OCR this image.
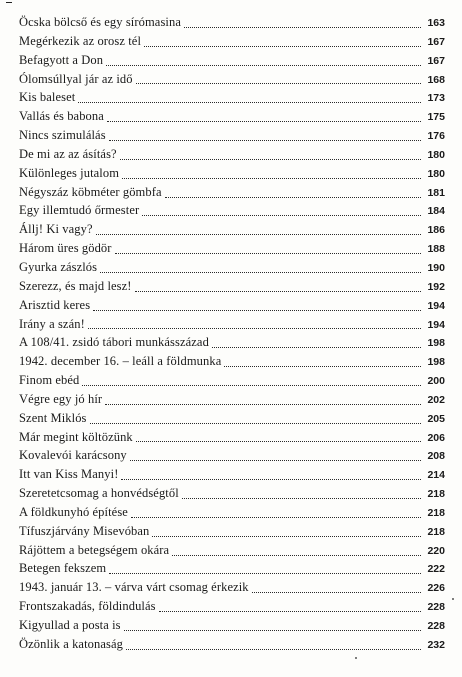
Öcska bölcső és egy sírómasina	163
Megérkezik az orosz tél	167
Befagyott a Don	167
Ólomsúllyal jár az idő	168
Kis baleset	173
Vallás és babona	175
Nincs szimulálás	176
De mi az az ásítás?	180
Különleges jutalom	180
Négyszáz köbméter gömbfa	181
Egy illemtudó őrmester	184
Állj! Ki vagy?	186
Három üres gödör	188
Gyurka zászlós	190
Szerezz, és majd lesz!	192
Arisztid keres	194
Irány a szán!	194
A 108/41. zsidó tábori munkásszázad	198
1942. december 16. – leáll a földmunka	198
Finom ebéd	200
Végre egy jó hír	202
Szent Miklós	205
Már megint költözünk	206
Kovalevói karácsony	208
Itt van Kiss Manyi!	214
Szeretetcsomag a honvédségtől	218
A földkunyhó építése	218
Tífuszjárvány Misevóban	218
Rájöttem a betegségem okára	220
Betegen fekszem	222
1943. január 13. – várva várt csomag érkezik	226
Frontszakadás, földindulás	228
Kigyullad a posta is	228
Özönlik a katonaság	232
